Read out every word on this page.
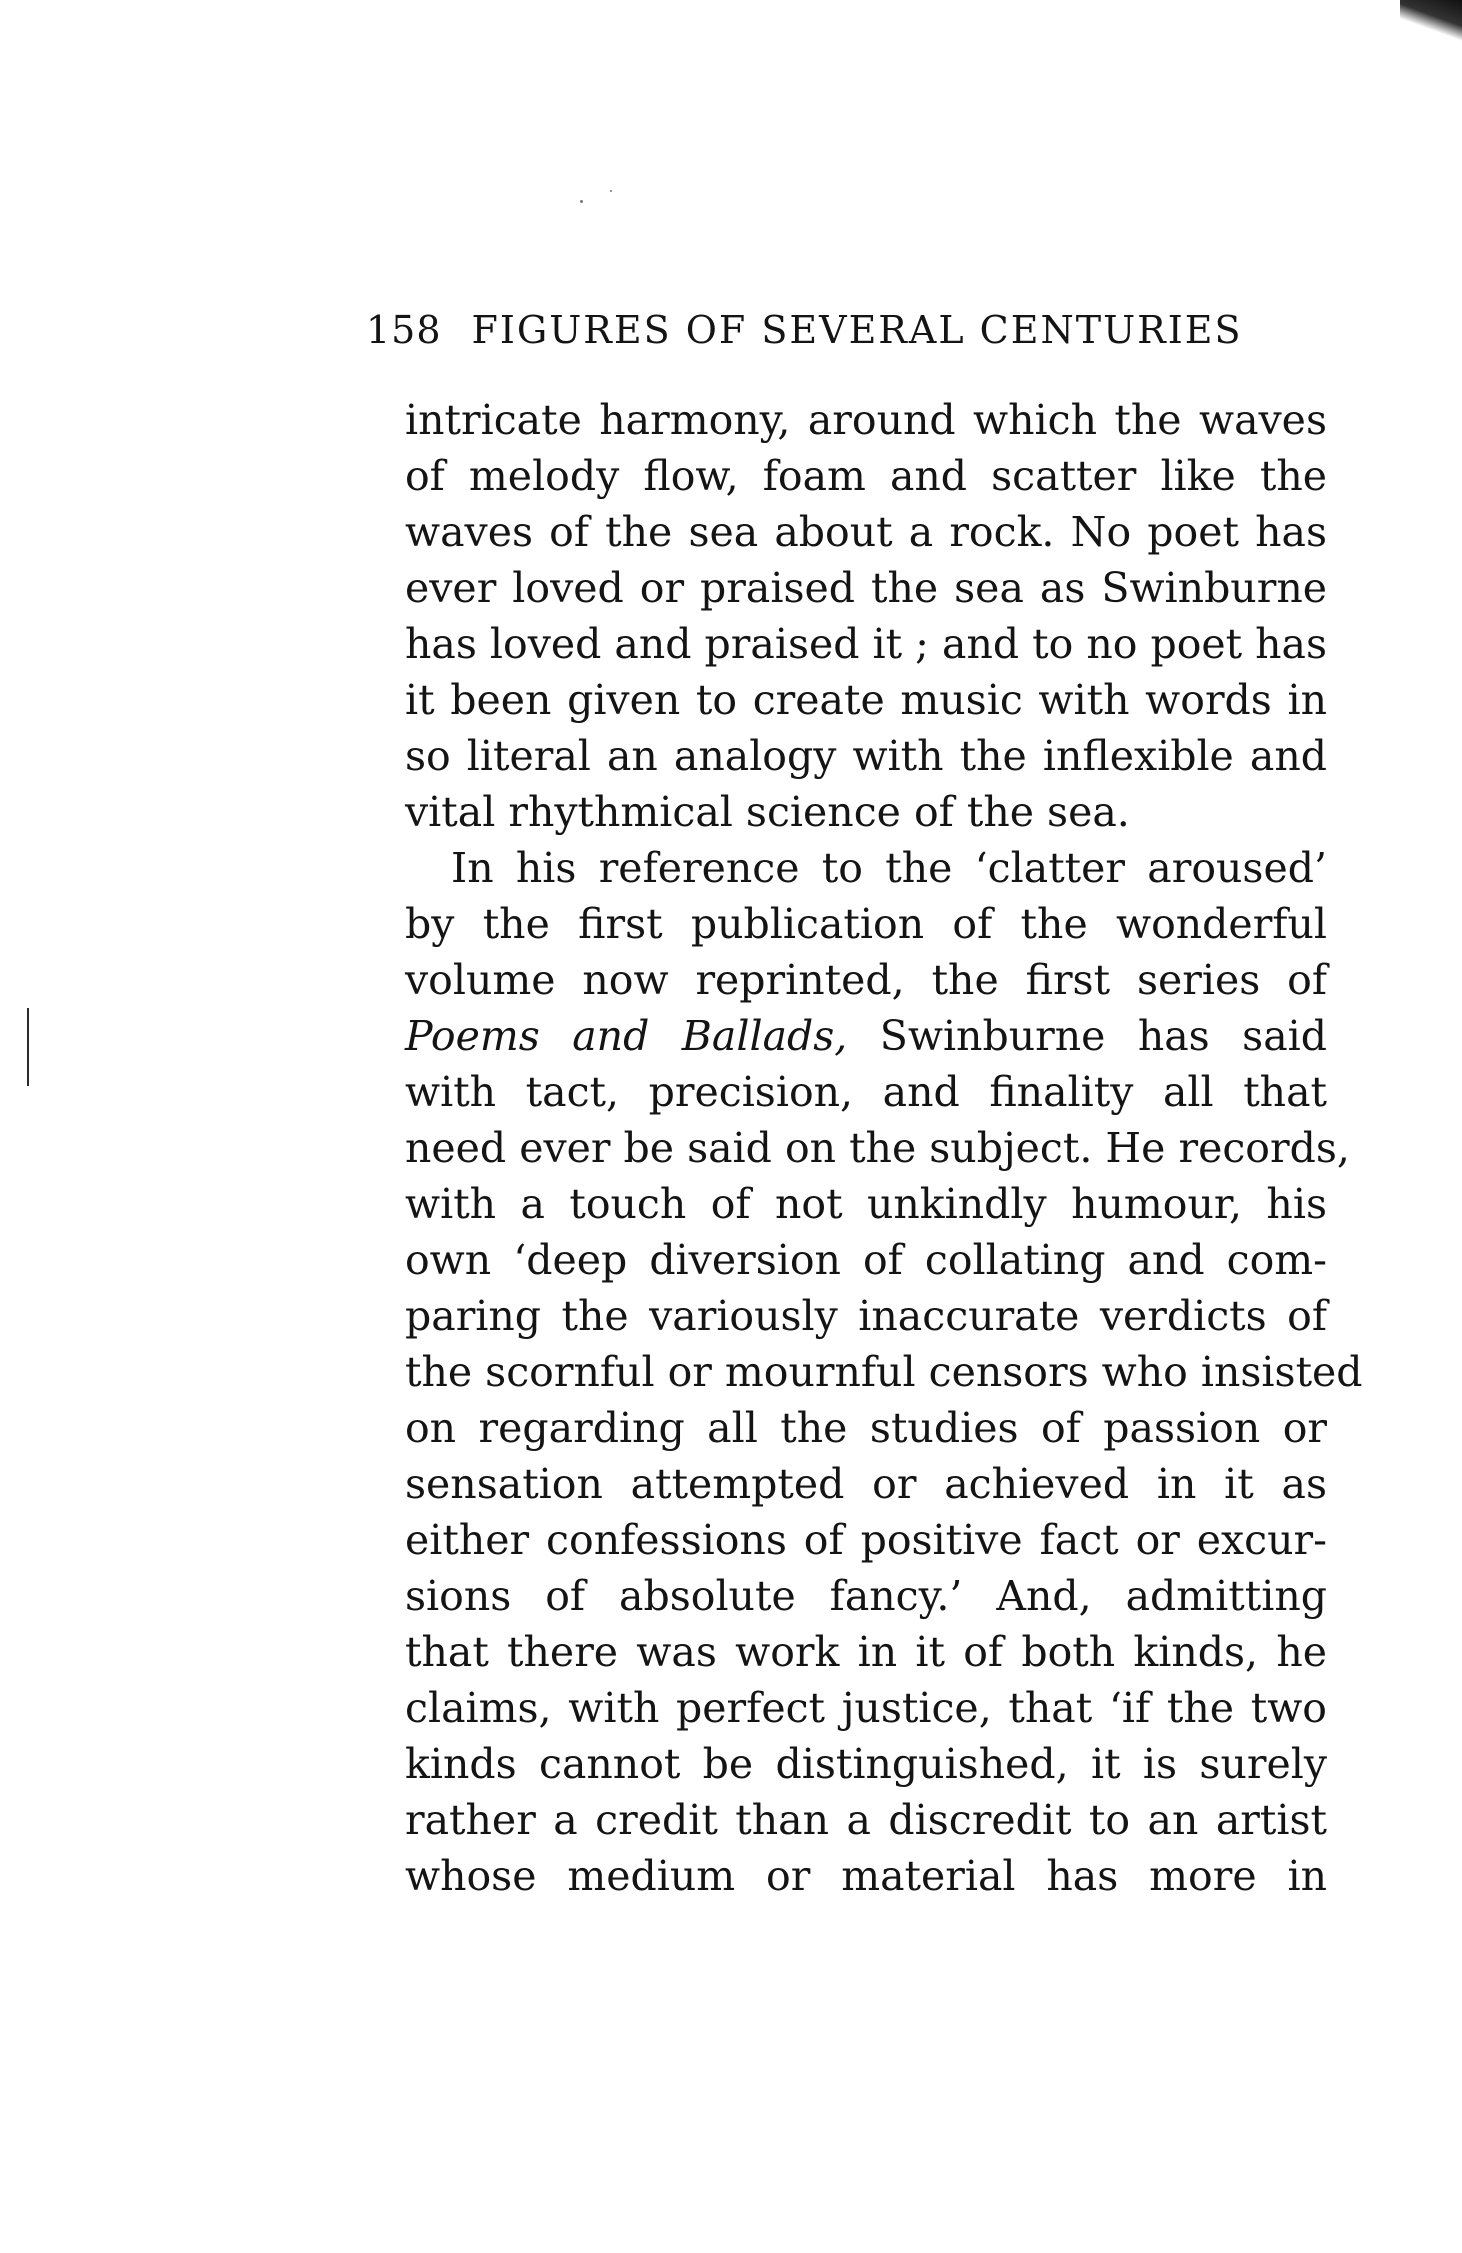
158 FIGURES OF SEVERAL CENTURIES
intricate harmony, around which the waves
of melody flow, foam and scatter like the
waves of the sea about a rock. No poet has
ever loved or praised the sea as Swinburne
has loved and praised it ; and to no poet has
it been given to create music with words in
so literal an analogy with the inflexible and
vital rhythmical science of the sea.
In his reference to the ‘clatter aroused’
by the first publication of the wonderful
volume now reprinted, the first series of
Poems and Ballads, Swinburne has said
with tact, precision, and finality all that
need ever be said on the subject. He records,
with a touch of not unkindly humour, his
own ‘deep diversion of collating and com-
paring the variously inaccurate verdicts of
the scornful or mournful censors who insisted
on regarding all the studies of passion or
sensation attempted or achieved in it as
either confessions of positive fact or excur-
sions of absolute fancy.’ And, admitting
that there was work in it of both kinds, he
claims, with perfect justice, that ‘if the two
kinds cannot be distinguished, it is surely
rather a credit than a discredit to an artist
whose medium or material has more in
